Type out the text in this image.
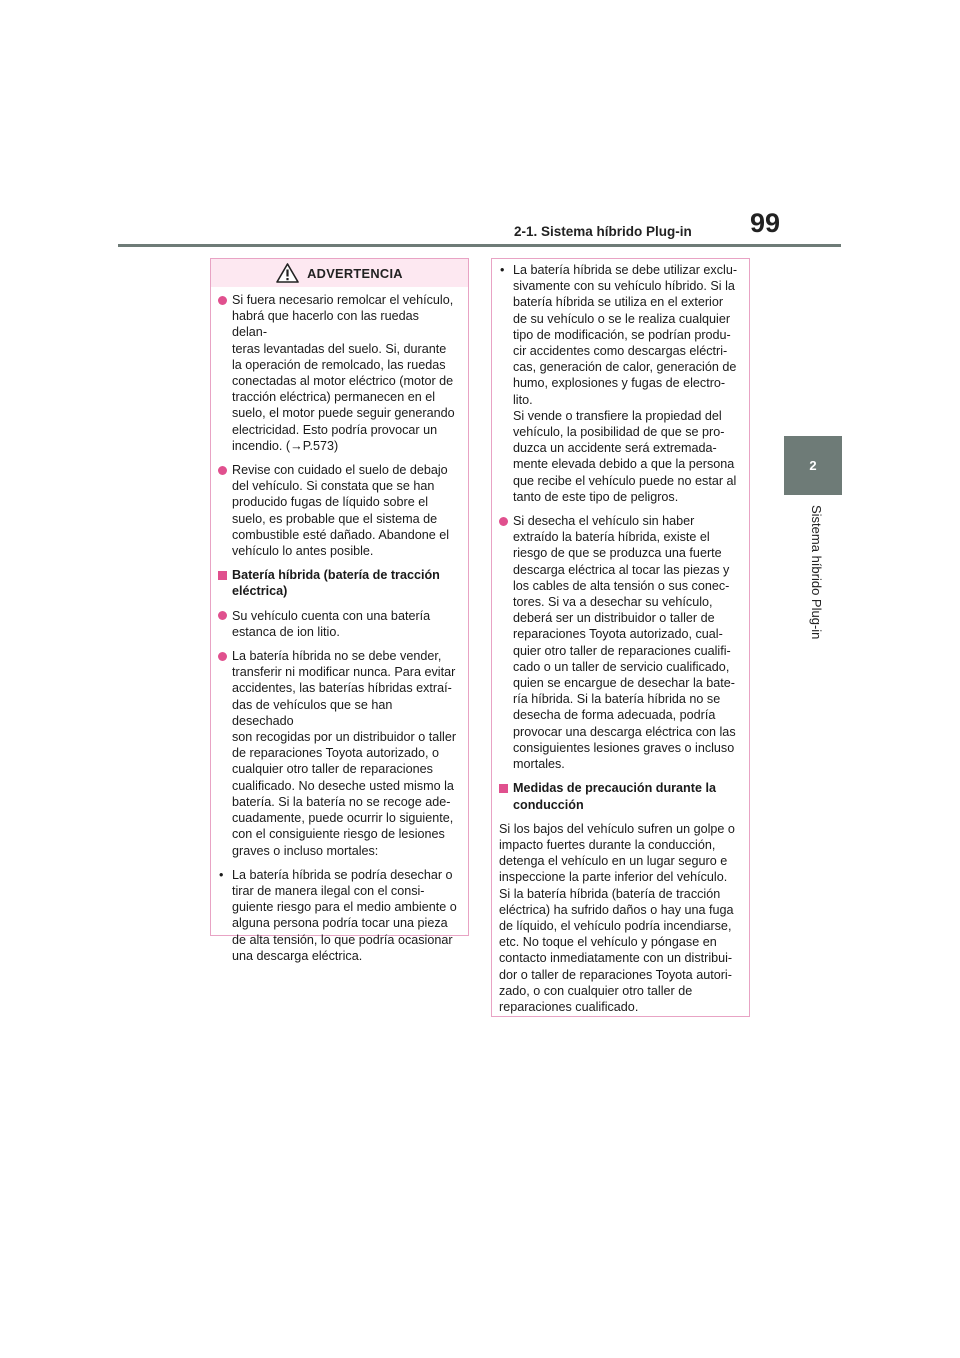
99
2-1. Sistema híbrido Plug-in
2
Sistema híbrido Plug-in
ADVERTENCIA
Si fuera necesario remolcar el vehículo,
habrá que hacerlo con las ruedas delan-
teras levantadas del suelo. Si, durante
la operación de remolcado, las ruedas
conectadas al motor eléctrico (motor de
tracción eléctrica) permanecen en el
suelo, el motor puede seguir generando
electricidad. Esto podría provocar un
incendio. (→P.573)
Revise con cuidado el suelo de debajo
del vehículo. Si constata que se han
producido fugas de líquido sobre el
suelo, es probable que el sistema de
combustible esté dañado. Abandone el
vehículo lo antes posible.
Batería híbrida (batería de tracción
eléctrica)
Su vehículo cuenta con una batería
estanca de ion litio.
La batería híbrida no se debe vender,
transferir ni modificar nunca. Para evitar
accidentes, las baterías híbridas extraí-
das de vehículos que se han desechado
son recogidas por un distribuidor o taller
de reparaciones Toyota autorizado, o
cualquier otro taller de reparaciones
cualificado. No deseche usted mismo la
batería. Si la batería no se recoge ade-
cuadamente, puede ocurrir lo siguiente,
con el consiguiente riesgo de lesiones
graves o incluso mortales:
• La batería híbrida se podría desechar o
tirar de manera ilegal con el consi-
guiente riesgo para el medio ambiente o
alguna persona podría tocar una pieza
de alta tensión, lo que podría ocasionar
una descarga eléctrica.
• La batería híbrida se debe utilizar exclu-
sivamente con su vehículo híbrido. Si la
batería híbrida se utiliza en el exterior
de su vehículo o se le realiza cualquier
tipo de modificación, se podrían produ-
cir accidentes como descargas eléctri-
cas, generación de calor, generación de
humo, explosiones y fugas de electro-
lito.
Si vende o transfiere la propiedad del
vehículo, la posibilidad de que se pro-
duzca un accidente será extremada-
mente elevada debido a que la persona
que recibe el vehículo puede no estar al
tanto de este tipo de peligros.
Si desecha el vehículo sin haber
extraído la batería híbrida, existe el
riesgo de que se produzca una fuerte
descarga eléctrica al tocar las piezas y
los cables de alta tensión o sus conec-
tores. Si va a desechar su vehículo,
deberá ser un distribuidor o taller de
reparaciones Toyota autorizado, cual-
quier otro taller de reparaciones cualifi-
cado o un taller de servicio cualificado,
quien se encargue de desechar la bate-
ría híbrida. Si la batería híbrida no se
desecha de forma adecuada, podría
provocar una descarga eléctrica con las
consiguientes lesiones graves o incluso
mortales.
Medidas de precaución durante la
conducción
Si los bajos del vehículo sufren un golpe o
impacto fuertes durante la conducción,
detenga el vehículo en un lugar seguro e
inspeccione la parte inferior del vehículo.
Si la batería híbrida (batería de tracción
eléctrica) ha sufrido daños o hay una fuga
de líquido, el vehículo podría incendiarse,
etc. No toque el vehículo y póngase en
contacto inmediatamente con un distribui-
dor o taller de reparaciones Toyota autori-
zado, o con cualquier otro taller de
reparaciones cualificado.
